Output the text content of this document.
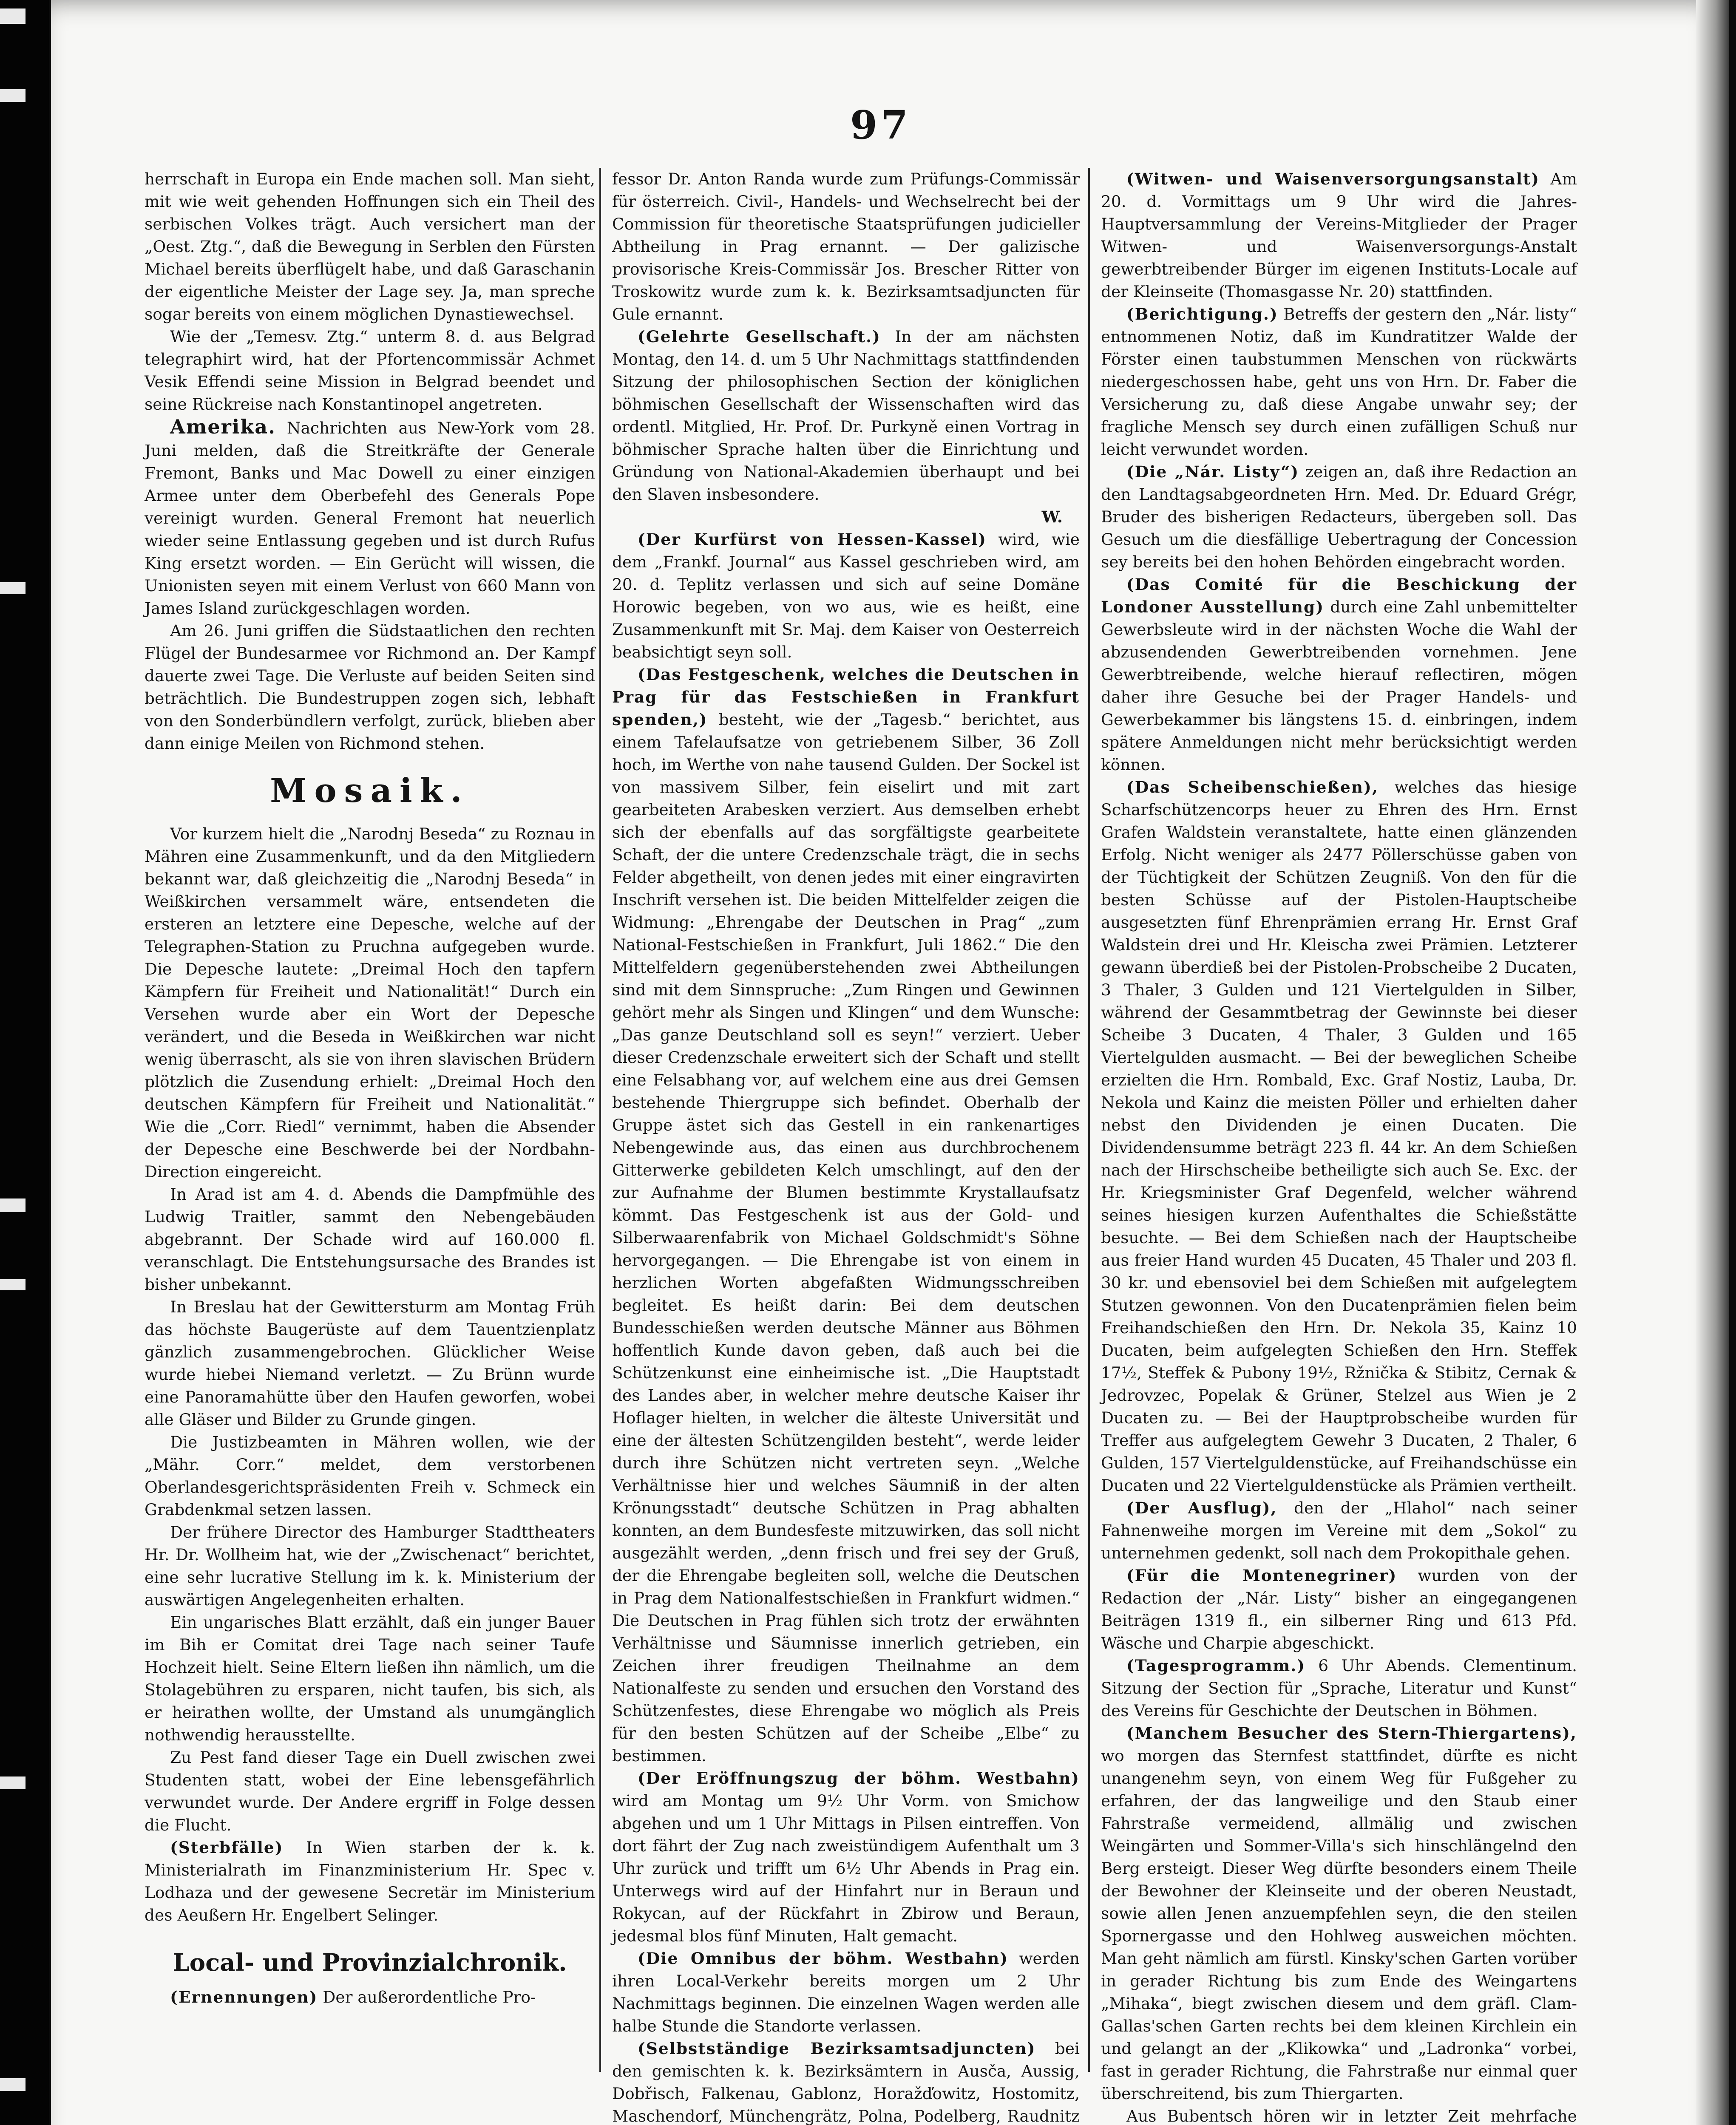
97

herrschaft in Europa ein Ende machen soll. Man sieht, mit wie weit gehenden Hoffnungen sich ein Theil des serbischen Volkes trägt. Auch versichert man der „Oest. Ztg.“, daß die Bewegung in Serblen den Fürsten Michael bereits überflügelt habe, und daß Garaschanin der eigentliche Meister der Lage sey. Ja, man spreche sogar bereits von einem möglichen Dynastiewechsel.

Wie der „Temesv. Ztg.“ unterm 8. d. aus Belgrad telegraphirt wird, hat der Pfortencommissär Achmet Vesik Effendi seine Mission in Belgrad beendet und seine Rückreise nach Konstantinopel angetreten.

Amerika. Nachrichten aus New-York vom 28. Juni melden, daß die Streitkräfte der Generale Fremont, Banks und Mac Dowell zu einer einzigen Armee unter dem Oberbefehl des Generals Pope vereinigt wurden. General Fremont hat neuerlich wieder seine Entlassung gegeben und ist durch Rufus King ersetzt worden. — Ein Gerücht will wissen, die Unionisten seyen mit einem Verlust von 660 Mann von James Island zurückgeschlagen worden.

Am 26. Juni griffen die Südstaatlichen den rechten Flügel der Bundesarmee vor Richmond an. Der Kampf dauerte zwei Tage. Die Verluste auf beiden Seiten sind beträchtlich. Die Bundestruppen zogen sich, lebhaft von den Sonderbündlern verfolgt, zurück, blieben aber dann einige Meilen von Richmond stehen.

Mosaik.

Vor kurzem hielt die „Narodnj Beseda“ zu Roznau in Mähren eine Zusammenkunft, und da den Mitgliedern bekannt war, daß gleichzeitig die „Narodnj Beseda“ in Weißkirchen versammelt wäre, entsendeten die ersteren an letztere eine Depesche, welche auf der Telegraphen-Station zu Pruchna aufgegeben wurde. Die Depesche lautete: „Dreimal Hoch den tapfern Kämpfern für Freiheit und Nationalität!“ Durch ein Versehen wurde aber ein Wort der Depesche verändert, und die Beseda in Weißkirchen war nicht wenig überrascht, als sie von ihren slavischen Brüdern plötzlich die Zusendung erhielt: „Dreimal Hoch den deutschen Kämpfern für Freiheit und Nationalität.“ Wie die „Corr. Riedl“ vernimmt, haben die Absender der Depesche eine Beschwerde bei der Nordbahn-Direction eingereicht.

In Arad ist am 4. d. Abends die Dampfmühle des Ludwig Traitler, sammt den Nebengebäuden abgebrannt. Der Schade wird auf 160.000 fl. veranschlagt. Die Entstehungsursache des Brandes ist bisher unbekannt.

In Breslau hat der Gewittersturm am Montag Früh das höchste Baugerüste auf dem Tauentzienplatz gänzlich zusammengebrochen. Glücklicher Weise wurde hiebei Niemand verletzt. — Zu Brünn wurde eine Panoramahütte über den Haufen geworfen, wobei alle Gläser und Bilder zu Grunde gingen.

Die Justizbeamten in Mähren wollen, wie der „Mähr. Corr.“ meldet, dem verstorbenen Oberlandesgerichtspräsidenten Freih v. Schmeck ein Grabdenkmal setzen lassen.

Der frühere Director des Hamburger Stadttheaters Hr. Dr. Wollheim hat, wie der „Zwischenact“ berichtet, eine sehr lucrative Stellung im k. k. Ministerium der auswärtigen Angelegenheiten erhalten.

Ein ungarisches Blatt erzählt, daß ein junger Bauer im Bih er Comitat drei Tage nach seiner Taufe Hochzeit hielt. Seine Eltern ließen ihn nämlich, um die Stolagebühren zu ersparen, nicht taufen, bis sich, als er heirathen wollte, der Umstand als unumgänglich nothwendig herausstellte.

Zu Pest fand dieser Tage ein Duell zwischen zwei Studenten statt, wobei der Eine lebensgefährlich verwundet wurde. Der Andere ergriff in Folge dessen die Flucht.

(Sterbfälle) In Wien starben der k. k. Ministerialrath im Finanzministerium Hr. Spec v. Lodhaza und der gewesene Secretär im Ministerium des Aeußern Hr. Engelbert Selinger.

Local- und Provinzialchronik.

(Ernennungen) Der außerordentliche Pro-

fessor Dr. Anton Randa wurde zum Prüfungs-Commissär für österreich. Civil-, Handels- und Wechselrecht bei der Commission für theoretische Staatsprüfungen judicieller Abtheilung in Prag ernannt. — Der galizische provisorische Kreis-Commissär Jos. Brescher Ritter von Troskowitz wurde zum k. k. Bezirksamtsadjuncten für Gule ernannt.

(Gelehrte Gesellschaft.) In der am nächsten Montag, den 14. d. um 5 Uhr Nachmittags stattfindenden Sitzung der philosophischen Section der königlichen böhmischen Gesellschaft der Wissenschaften wird das ordentl. Mitglied, Hr. Prof. Dr. Purkyně einen Vortrag in böhmischer Sprache halten über die Einrichtung und Gründung von National-Akademien überhaupt und bei den Slaven insbesondere.

W.

(Der Kurfürst von Hessen-Kassel) wird, wie dem „Frankf. Journal“ aus Kassel geschrieben wird, am 20. d. Teplitz verlassen und sich auf seine Domäne Horowic begeben, von wo aus, wie es heißt, eine Zusammenkunft mit Sr. Maj. dem Kaiser von Oesterreich beabsichtigt seyn soll.

(Das Festgeschenk, welches die Deutschen in Prag für das Festschießen in Frankfurt spenden,) besteht, wie der „Tagesb.“ berichtet, aus einem Tafelaufsatze von getriebenem Silber, 36 Zoll hoch, im Werthe von nahe tausend Gulden. Der Sockel ist von massivem Silber, fein eiselirt und mit zart gearbeiteten Arabesken verziert. Aus demselben erhebt sich der ebenfalls auf das sorgfältigste gearbeitete Schaft, der die untere Credenzschale trägt, die in sechs Felder abgetheilt, von denen jedes mit einer eingravirten Inschrift versehen ist. Die beiden Mittelfelder zeigen die Widmung: „Ehrengabe der Deutschen in Prag“ „zum National-Festschießen in Frankfurt, Juli 1862.“ Die den Mittelfeldern gegenüberstehenden zwei Abtheilungen sind mit dem Sinnspruche: „Zum Ringen und Gewinnen gehört mehr als Singen und Klingen“ und dem Wunsche: „Das ganze Deutschland soll es seyn!“ verziert. Ueber dieser Credenzschale erweitert sich der Schaft und stellt eine Felsabhang vor, auf welchem eine aus drei Gemsen bestehende Thiergruppe sich befindet. Oberhalb der Gruppe ästet sich das Gestell in ein rankenartiges Nebengewinde aus, das einen aus durchbrochenem Gitterwerke gebildeten Kelch umschlingt, auf den der zur Aufnahme der Blumen bestimmte Krystallaufsatz kömmt. Das Festgeschenk ist aus der Gold- und Silberwaarenfabrik von Michael Goldschmidt's Söhne hervorgegangen. — Die Ehrengabe ist von einem in herzlichen Worten abgefaßten Widmungsschreiben begleitet. Es heißt darin: Bei dem deutschen Bundesschießen werden deutsche Männer aus Böhmen hoffentlich Kunde davon geben, daß auch bei die Schützenkunst eine einheimische ist. „Die Hauptstadt des Landes aber, in welcher mehre deutsche Kaiser ihr Hoflager hielten, in welcher die älteste Universität und eine der ältesten Schützengilden besteht“, werde leider durch ihre Schützen nicht vertreten seyn. „Welche Verhältnisse hier und welches Säumniß in der alten Krönungsstadt“ deutsche Schützen in Prag abhalten konnten, an dem Bundesfeste mitzuwirken, das soll nicht ausgezählt werden, „denn frisch und frei sey der Gruß, der die Ehrengabe begleiten soll, welche die Deutschen in Prag dem Nationalfestschießen in Frankfurt widmen.“ Die Deutschen in Prag fühlen sich trotz der erwähnten Verhältnisse und Säumnisse innerlich getrieben, ein Zeichen ihrer freudigen Theilnahme an dem Nationalfeste zu senden und ersuchen den Vorstand des Schützenfestes, diese Ehrengabe wo möglich als Preis für den besten Schützen auf der Scheibe „Elbe“ zu bestimmen.

(Der Eröffnungszug der böhm. Westbahn) wird am Montag um 9½ Uhr Vorm. von Smichow abgehen und um 1 Uhr Mittags in Pilsen eintreffen. Von dort fährt der Zug nach zweistündigem Aufenthalt um 3 Uhr zurück und trifft um 6½ Uhr Abends in Prag ein. Unterwegs wird auf der Hinfahrt nur in Beraun und Rokycan, auf der Rückfahrt in Zbirow und Beraun, jedesmal blos fünf Minuten, Halt gemacht.

(Die Omnibus der böhm. Westbahn) werden ihren Local-Verkehr bereits morgen um 2 Uhr Nachmittags beginnen. Die einzelnen Wagen werden alle halbe Stunde die Standorte verlassen.

(Selbstständige Bezirksamtsadjuncten) bei den gemischten k. k. Bezirksämtern in Ausča, Aussig, Dobřisch, Falkenau, Gablonz, Horažďowitz, Hostomitz, Maschendorf, Münchengrätz, Polna, Podelberg, Raudnitz

(Witwen- und Waisenversorgungsanstalt) Am 20. d. Vormittags um 9 Uhr wird die Jahres-Hauptversammlung der Vereins-Mitglieder der Prager Witwen- und Waisenversorgungs-Anstalt gewerbtreibender Bürger im eigenen Instituts-Locale auf der Kleinseite (Thomasgasse Nr. 20) stattfinden.

(Berichtigung.) Betreffs der gestern den „Nár. listy“ entnommenen Notiz, daß im Kundratitzer Walde der Förster einen taubstummen Menschen von rückwärts niedergeschossen habe, geht uns von Hrn. Dr. Faber die Versicherung zu, daß diese Angabe unwahr sey; der fragliche Mensch sey durch einen zufälligen Schuß nur leicht verwundet worden.

(Die „Nár. Listy“) zeigen an, daß ihre Redaction an den Landtagsabgeordneten Hrn. Med. Dr. Eduard Grégr, Bruder des bisherigen Redacteurs, übergeben soll. Das Gesuch um die diesfällige Uebertragung der Concession sey bereits bei den hohen Behörden eingebracht worden.

(Das Comité für die Beschickung der Londoner Ausstellung) durch eine Zahl unbemittelter Gewerbsleute wird in der nächsten Woche die Wahl der abzusendenden Gewerbtreibenden vornehmen. Jene Gewerbtreibende, welche hierauf reflectiren, mögen daher ihre Gesuche bei der Prager Handels- und Gewerbekammer bis längstens 15. d. einbringen, indem spätere Anmeldungen nicht mehr berücksichtigt werden können.

(Das Scheibenschießen), welches das hiesige Scharfschützencorps heuer zu Ehren des Hrn. Ernst Grafen Waldstein veranstaltete, hatte einen glänzenden Erfolg. Nicht weniger als 2477 Pöllerschüsse gaben von der Tüchtigkeit der Schützen Zeugniß. Von den für die besten Schüsse auf der Pistolen-Hauptscheibe ausgesetzten fünf Ehrenprämien errang Hr. Ernst Graf Waldstein drei und Hr. Kleischa zwei Prämien. Letzterer gewann überdieß bei der Pistolen-Probscheibe 2 Ducaten, 3 Thaler, 3 Gulden und 121 Viertelgulden in Silber, während der Gesammtbetrag der Gewinnste bei dieser Scheibe 3 Ducaten, 4 Thaler, 3 Gulden und 165 Viertelgulden ausmacht. — Bei der beweglichen Scheibe erzielten die Hrn. Rombald, Exc. Graf Nostiz, Lauba, Dr. Nekola und Kainz die meisten Pöller und erhielten daher nebst den Dividenden je einen Ducaten. Die Dividendensumme beträgt 223 fl. 44 kr. An dem Schießen nach der Hirschscheibe betheiligte sich auch Se. Exc. der Hr. Kriegsminister Graf Degenfeld, welcher während seines hiesigen kurzen Aufenthaltes die Schießstätte besuchte. — Bei dem Schießen nach der Hauptscheibe aus freier Hand wurden 45 Ducaten, 45 Thaler und 203 fl. 30 kr. und ebensoviel bei dem Schießen mit aufgelegtem Stutzen gewonnen. Von den Ducatenprämien fielen beim Freihandschießen den Hrn. Dr. Nekola 35, Kainz 10 Ducaten, beim aufgelegten Schießen den Hrn. Steffek 17½, Steffek & Pubony 19½, Ržnička & Stibitz, Cernak & Jedrovzec, Popelak & Grüner, Stelzel aus Wien je 2 Ducaten zu. — Bei der Hauptprobscheibe wurden für Treffer aus aufgelegtem Gewehr 3 Ducaten, 2 Thaler, 6 Gulden, 157 Viertelguldenstücke, auf Freihandschüsse ein Ducaten und 22 Viertelguldenstücke als Prämien vertheilt.

(Der Ausflug), den der „Hlahol“ nach seiner Fahnenweihe morgen im Vereine mit dem „Sokol“ zu unternehmen gedenkt, soll nach dem Prokopithale gehen.

(Für die Montenegriner) wurden von der Redaction der „Nár. Listy“ bisher an eingegangenen Beiträgen 1319 fl., ein silberner Ring und 613 Pfd. Wäsche und Charpie abgeschickt.

(Tagesprogramm.) 6 Uhr Abends. Clementinum. Sitzung der Section für „Sprache, Literatur und Kunst“ des Vereins für Geschichte der Deutschen in Böhmen.

(Manchem Besucher des Stern-Thiergartens), wo morgen das Sternfest stattfindet, dürfte es nicht unangenehm seyn, von einem Weg für Fußgeher zu erfahren, der das langweilige und den Staub einer Fahrstraße vermeidend, allmälig und zwischen Weingärten und Sommer-Villa's sich hinschlängelnd den Berg ersteigt. Dieser Weg dürfte besonders einem Theile der Bewohner der Kleinseite und der oberen Neustadt, sowie allen Jenen anzuempfehlen seyn, die den steilen Spornergasse und den Hohlweg ausweichen möchten. Man geht nämlich am fürstl. Kinsky'schen Garten vorüber in gerader Richtung bis zum Ende des Weingartens „Mihaka“, biegt zwischen diesem und dem gräfl. Clam-Gallas'schen Garten rechts bei dem kleinen Kirchlein ein und gelangt an der „Klikowka“ und „Ladronka“ vorbei, fast in gerader Richtung, die Fahrstraße nur einmal quer überschreitend, bis zum Thiergarten.

Aus Bubentsch hören wir in letzter Zeit mehrfache
